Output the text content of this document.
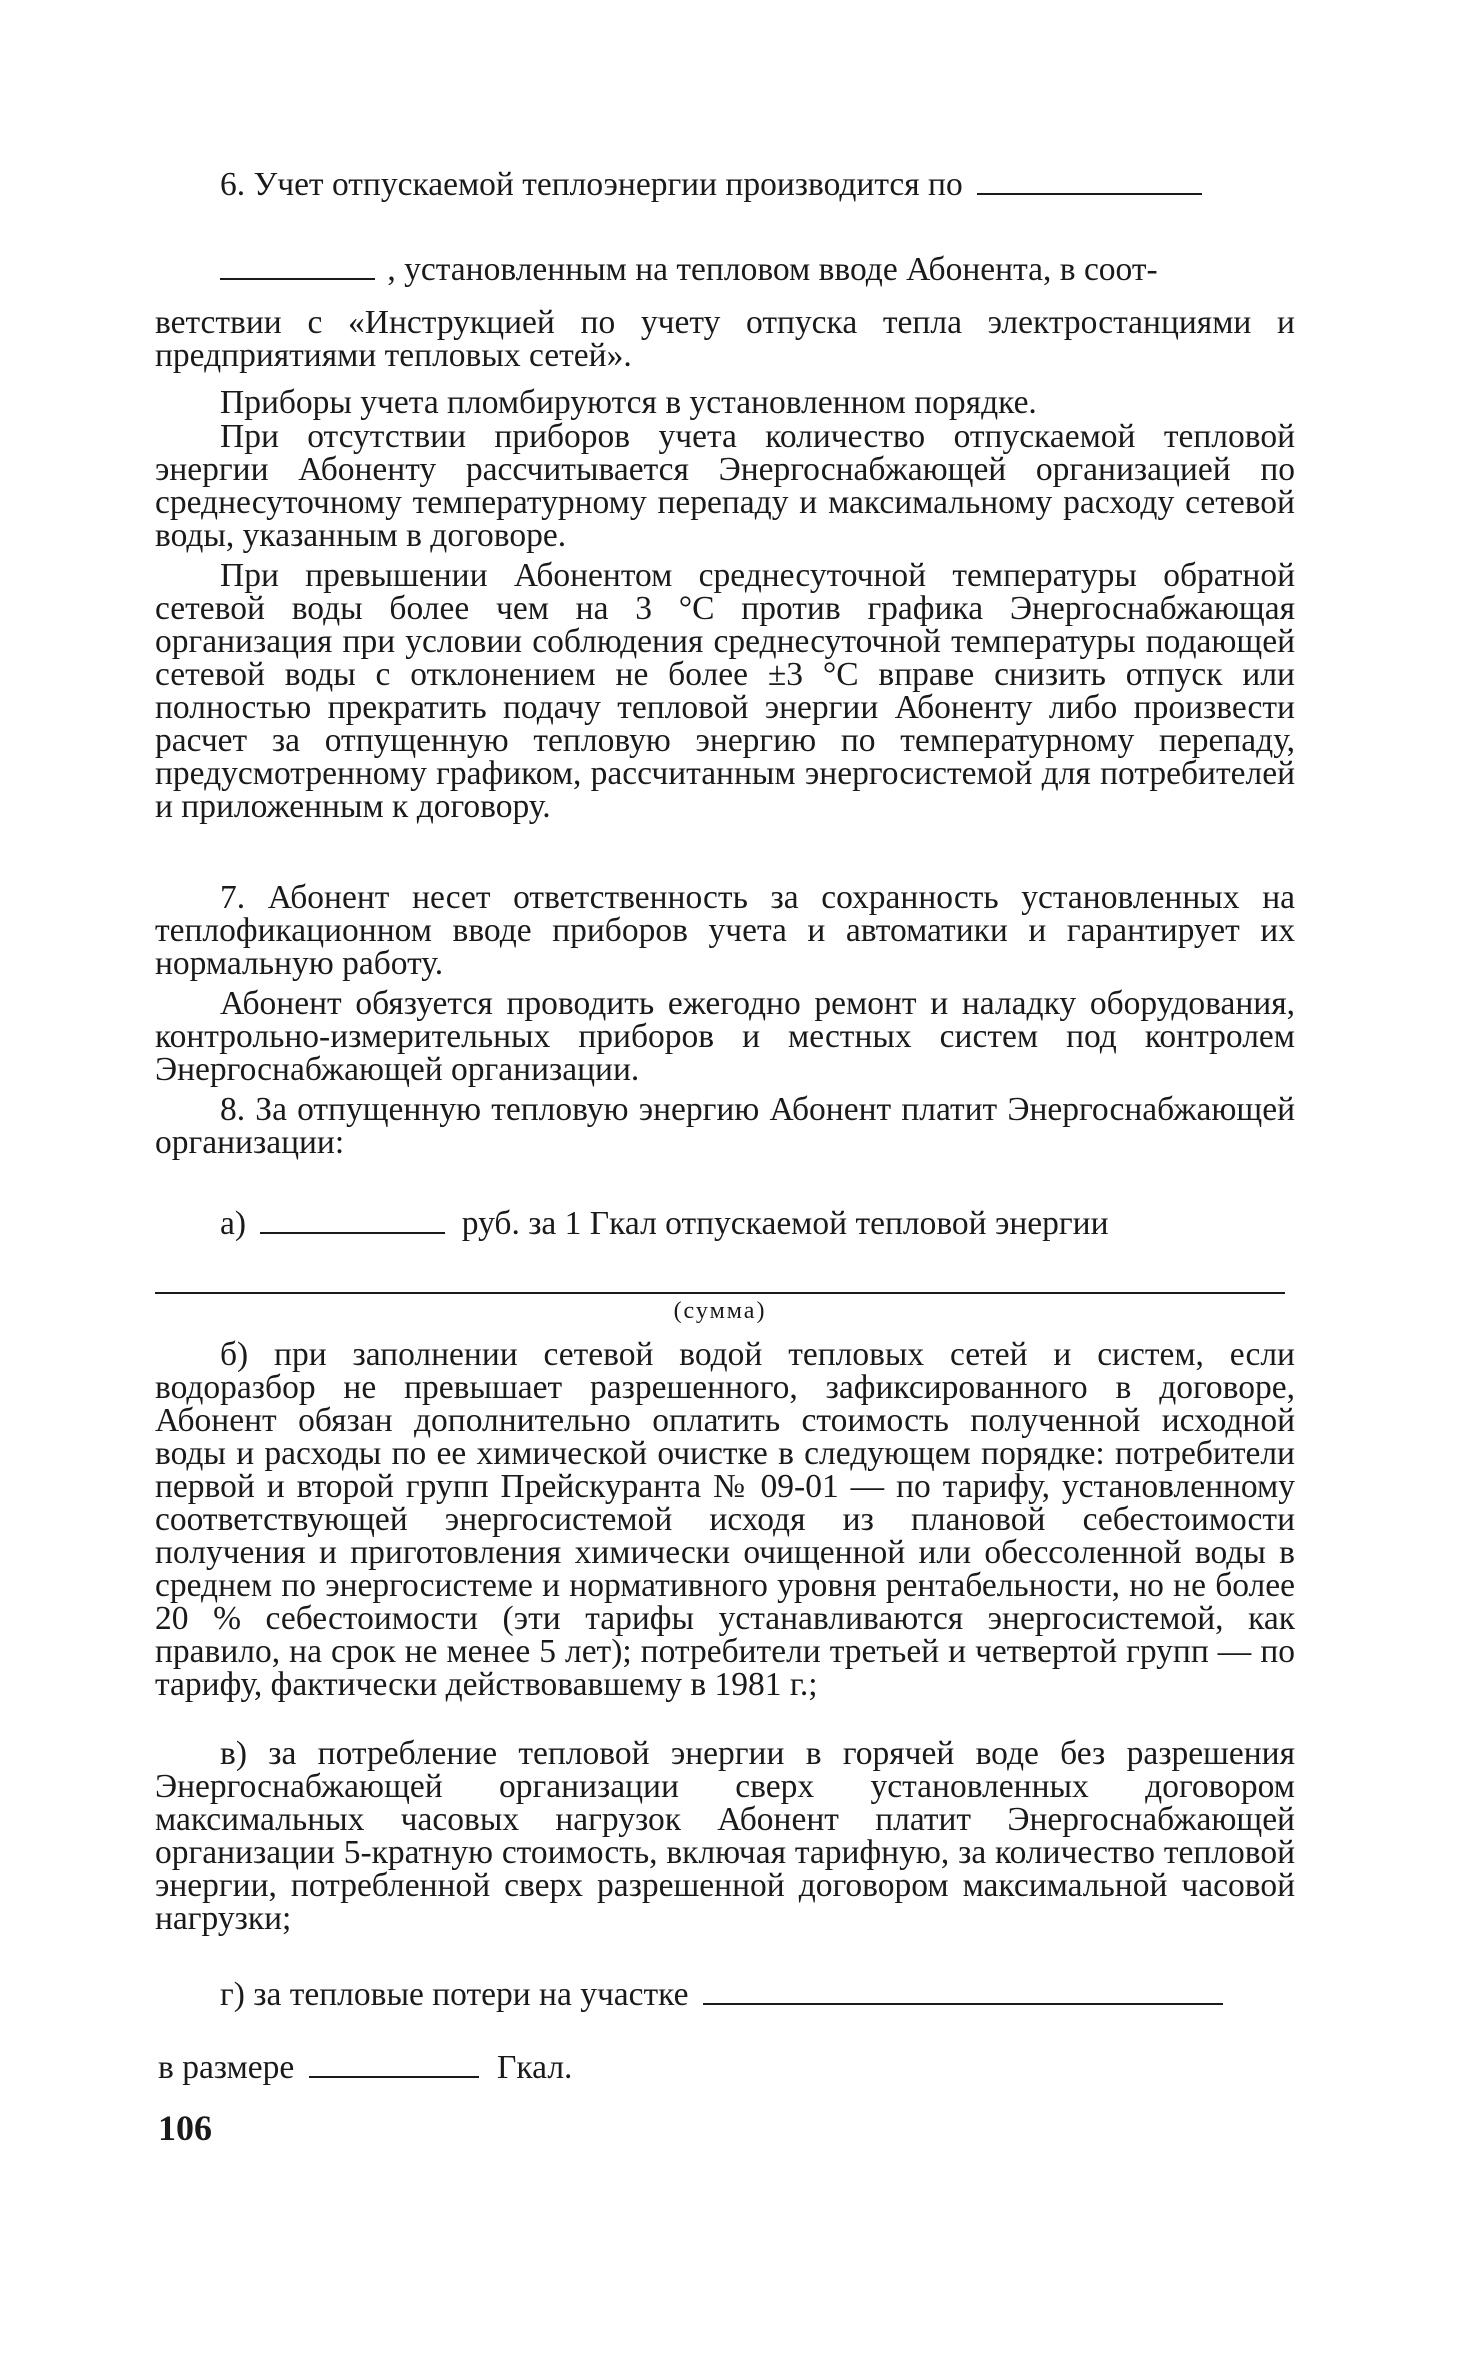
6. Учет отпускаемой теплоэнергии производится по
, установленным на тепловом вводе Абонента, в соот-

ветствии с «Инструкцией по учету отпуска тепла электростанциями и предприятиями тепловых сетей».

Приборы учета пломбируются в установленном порядке.

При отсутствии приборов учета количество отпускаемой тепловой энергии Абоненту рассчитывается Энергоснабжающей организацией по среднесуточному температурному перепаду и максимальному расходу сетевой воды, указанным в договоре.

При превышении Абонентом среднесуточной температуры обратной сетевой воды более чем на 3 °С против графика Энергоснабжающая организация при условии соблюдения среднесуточной температуры подающей сетевой воды с отклонением не более ±3 °С вправе снизить отпуск или полностью прекратить подачу тепловой энергии Абоненту либо произвести расчет за отпущенную тепловую энергию по температурному перепаду, предусмотренному графиком, рассчитанным энергосистемой для потребителей и приложенным к договору.

7. Абонент несет ответственность за сохранность установленных на теплофикационном вводе приборов учета и автоматики и гарантирует их нормальную работу.

Абонент обязуется проводить ежегодно ремонт и наладку оборудования, контрольно-измерительных приборов и местных систем под контролем Энергоснабжающей организации.

8. За отпущенную тепловую энергию Абонент платит Энергоснабжающей организации:

а)	руб. за 1 Гкал отпускаемой тепловой энергии
(сумма)

б) при заполнении сетевой водой тепловых сетей и систем, если водоразбор не превышает разрешенного, зафиксированного в договоре, Абонент обязан дополнительно оплатить стоимость полученной исходной воды и расходы по ее химической очистке в следующем порядке: потребители первой и второй групп Прейскуранта № 09-01 — по тарифу, установленному соответствующей энергосистемой исходя из плановой себестоимости получения и приготовления химически очищенной или обессоленной воды в среднем по энергосистеме и нормативного уровня рентабельности, но не более 20 % себестоимости (эти тарифы устанавливаются энергосистемой, как правило, на срок не менее 5 лет); потребители третьей и четвертой групп — по тарифу, фактически действовавшему в 1981 г.;

в) за потребление тепловой энергии в горячей воде без разрешения Энергоснабжающей организации сверх установленных договором максимальных часовых нагрузок Абонент платит Энергоснабжающей организации 5-кратную стоимость, включая тарифную, за количество тепловой энергии, потребленной сверх разрешенной договором максимальной часовой нагрузки;

г) за тепловые потери на участке
в размере	Гкал.
106
